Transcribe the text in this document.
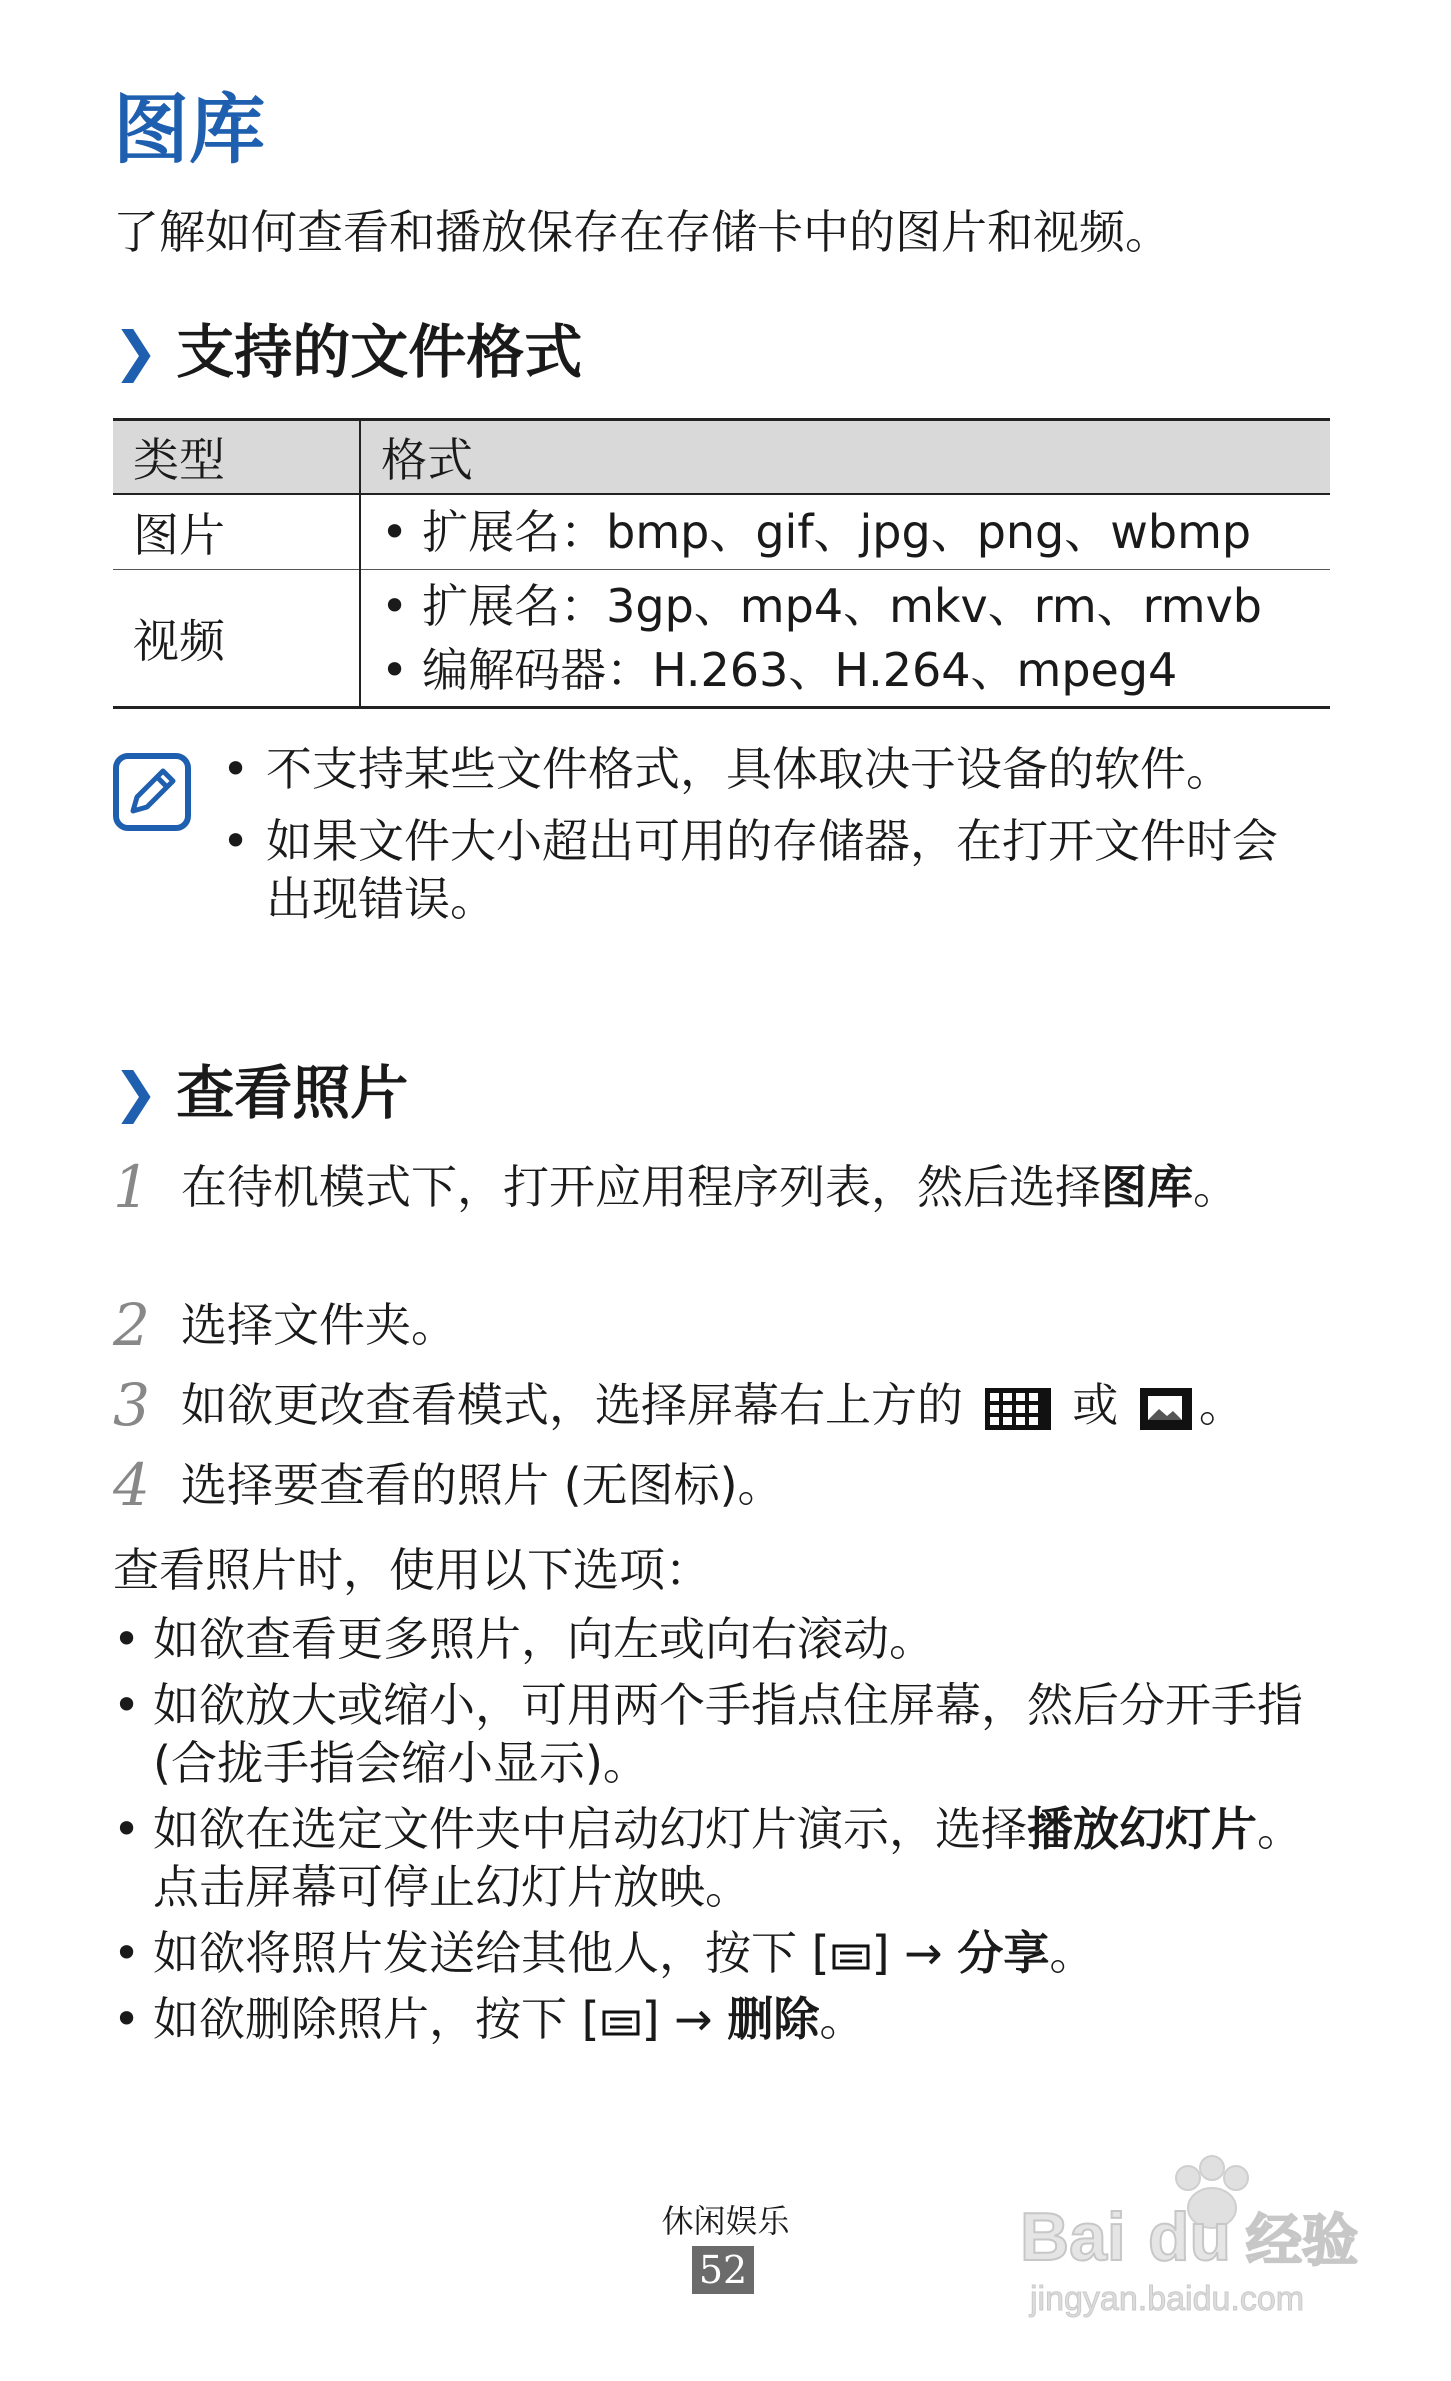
图库

了解如何查看和播放保存在存储卡中的图片和视频。

❯ 支持的文件格式
类型	格式
图片	• 扩展名：bmp、gif、jpg、png、wbmp

视频	• 扩展名：3gp、mp4、mkv、rm、rmvb
• 编解码器：H.263、H.264、mpeg4
• 不支持某些文件格式，具体取决于设备的软件。
• 如果文件大小超出可用的存储器，在打开文件时会出现错误。
❯ 查看照片
1 在待机模式下，打开应用程序列表，然后选择图库。
2 选择文件夹。
3 如欲更改查看模式，选择屏幕右上方的 或 。
4 选择要查看的照片 (无图标)。

查看照片时，使用以下选项：

• 如欲查看更多照片，向左或向右滚动。
• 如欲放大或缩小，可用两个手指点住屏幕，然后分开手指 (合拢手指会缩小显示)。
• 如欲在选定文件夹中启动幻灯片演示，选择播放幻灯片。点击屏幕可停止幻灯片放映。
• 如欲将照片发送给其他人，按下 [ ] → 分享。
• 如欲删除照片，按下 [ ] → 删除。
休闲娱乐
52	Bai du 经验
jingyan.baidu.com
